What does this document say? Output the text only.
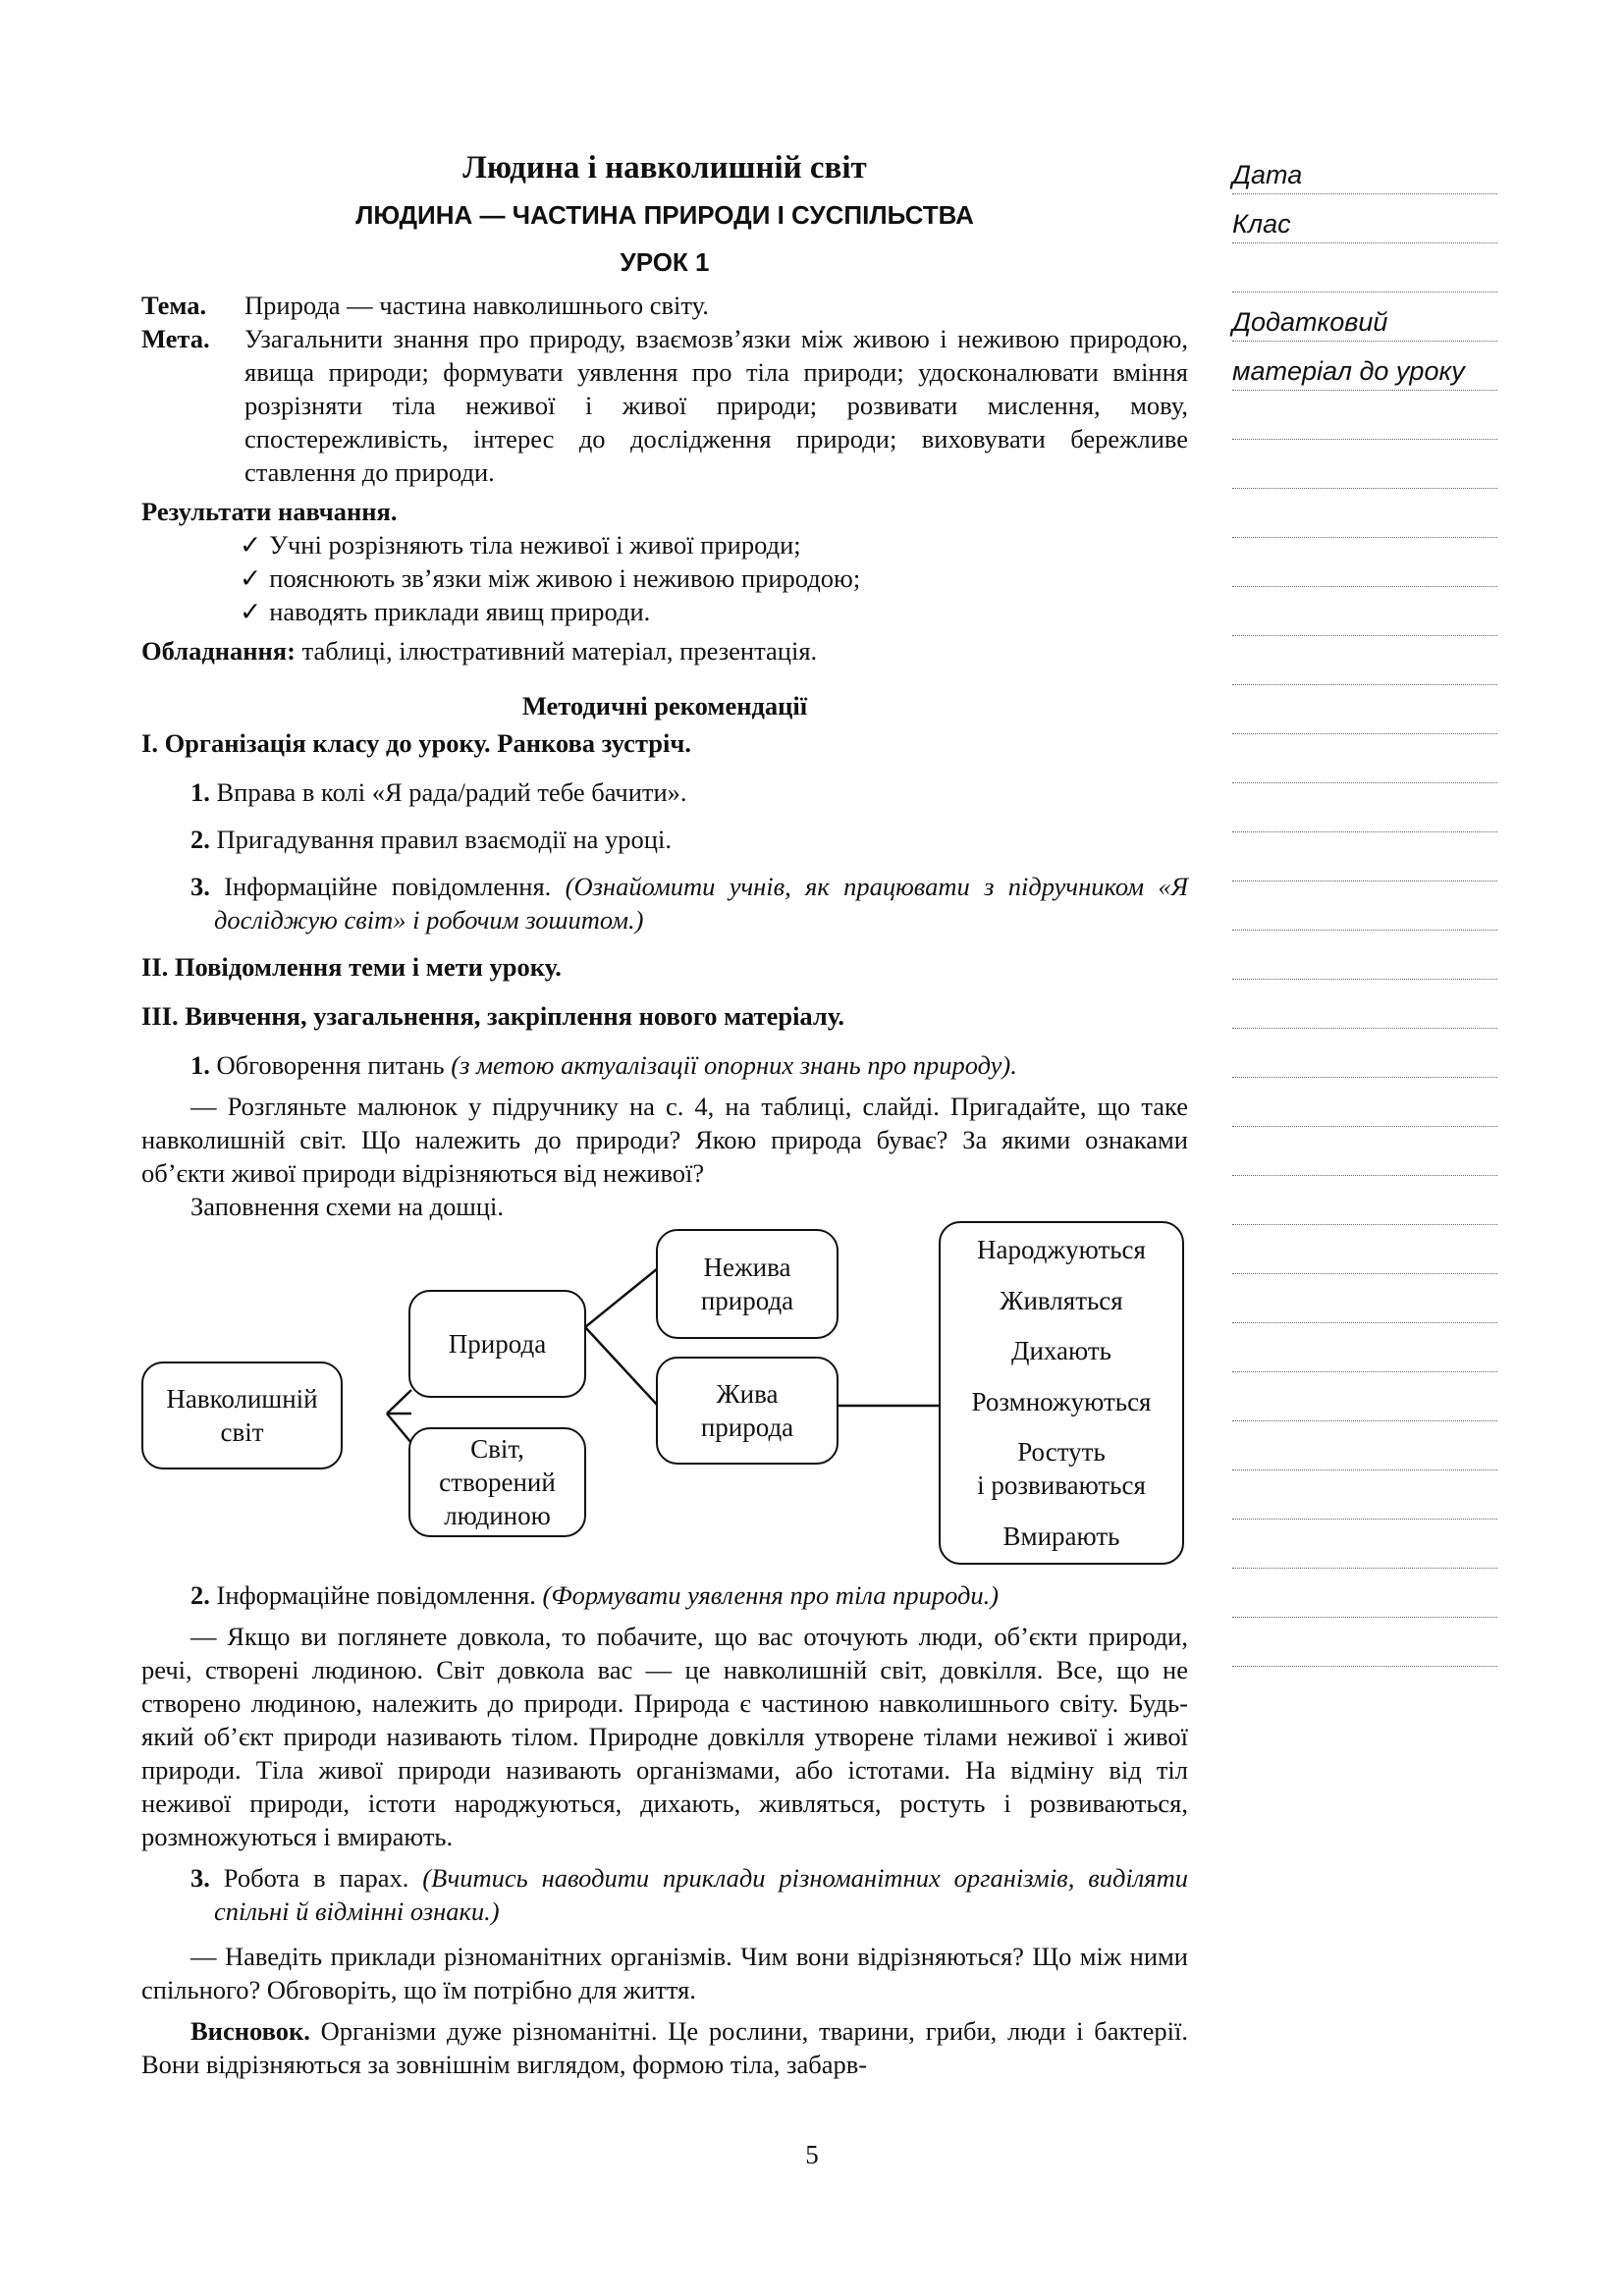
Людина і навколишній світ
ЛЮДИНА — ЧАСТИНА ПРИРОДИ І СУСПІЛЬСТВА
УРОК 1
Тема.	Природа — частина навколишнього світу.
Мета.	Узагальнити знання про природу, взаємозв’язки між живою і неживою природою, явища природи; формувати уявлення про тіла природи; удосконалювати вміння розрізняти тіла неживої і живої природи; розвивати мислення, мову, спостережливість, інтерес до дослідження природи; виховувати бережливе ставлення до природи.
Результати навчання.
✓ Учні розрізняють тіла неживої і живої природи;
✓ пояснюють зв’язки між живою і неживою природою;
✓ наводять приклади явищ природи.
Обладнання: таблиці, ілюстративний матеріал, презентація.
Методичні рекомендації
I. Організація класу до уроку. Ранкова зустріч.
1. Вправа в колі «Я рада/радий тебе бачити».
2. Пригадування правил взаємодії на уроці.
3. Інформаційне повідомлення. (Ознайомити учнів, як працювати з підручником «Я досліджую світ» і робочим зошитом.)
II. Повідомлення теми і мети уроку.
III. Вивчення, узагальнення, закріплення нового матеріалу.
1. Обговорення питань (з метою актуалізації опорних знань про природу).
— Розгляньте малюнок у підручнику на с. 4, на таблиці, слайді. Пригадайте, що таке навколишній світ. Що належить до природи? Якою природа буває? За якими ознаками об’єкти живої природи відрізняються від неживої?
Заповнення схеми на дошці.
Навколишній
світ
Природа
Світ,
створений
людиною
Нежива
природа
Жива
природа
Народжуються
Живляться
Дихають
Розмножуються
Ростуть
і розвиваються
Вмирають
2. Інформаційне повідомлення. (Формувати уявлення про тіла природи.)
— Якщо ви поглянете довкола, то побачите, що вас оточують люди, об’єкти природи, речі, створені людиною. Світ довкола вас — це навколишній світ, довкілля. Все, що не створено людиною, належить до природи. Природа є частиною навколишнього світу. Будь-який об’єкт природи називають тілом. Природне довкілля утворене тілами неживої і живої природи. Тіла живої природи називають організмами, або істотами. На відміну від тіл неживої природи, істоти народжуються, дихають, живляться, ростуть і розвиваються, розмножуються і вмирають.
3. Робота в парах. (Вчитись наводити приклади різноманітних організмів, виділяти спільні й відмінні ознаки.)
— Наведіть приклади різноманітних організмів. Чим вони відрізняються? Що між ними спільного? Обговоріть, що їм потрібно для життя.
Висновок. Організми дуже різноманітні. Це рослини, тварини, гриби, люди і бактерії. Вони відрізняються за зовнішнім виглядом, формою тіла, забарв-
Дата
Клас
Додатковий
матеріал до уроку
5
